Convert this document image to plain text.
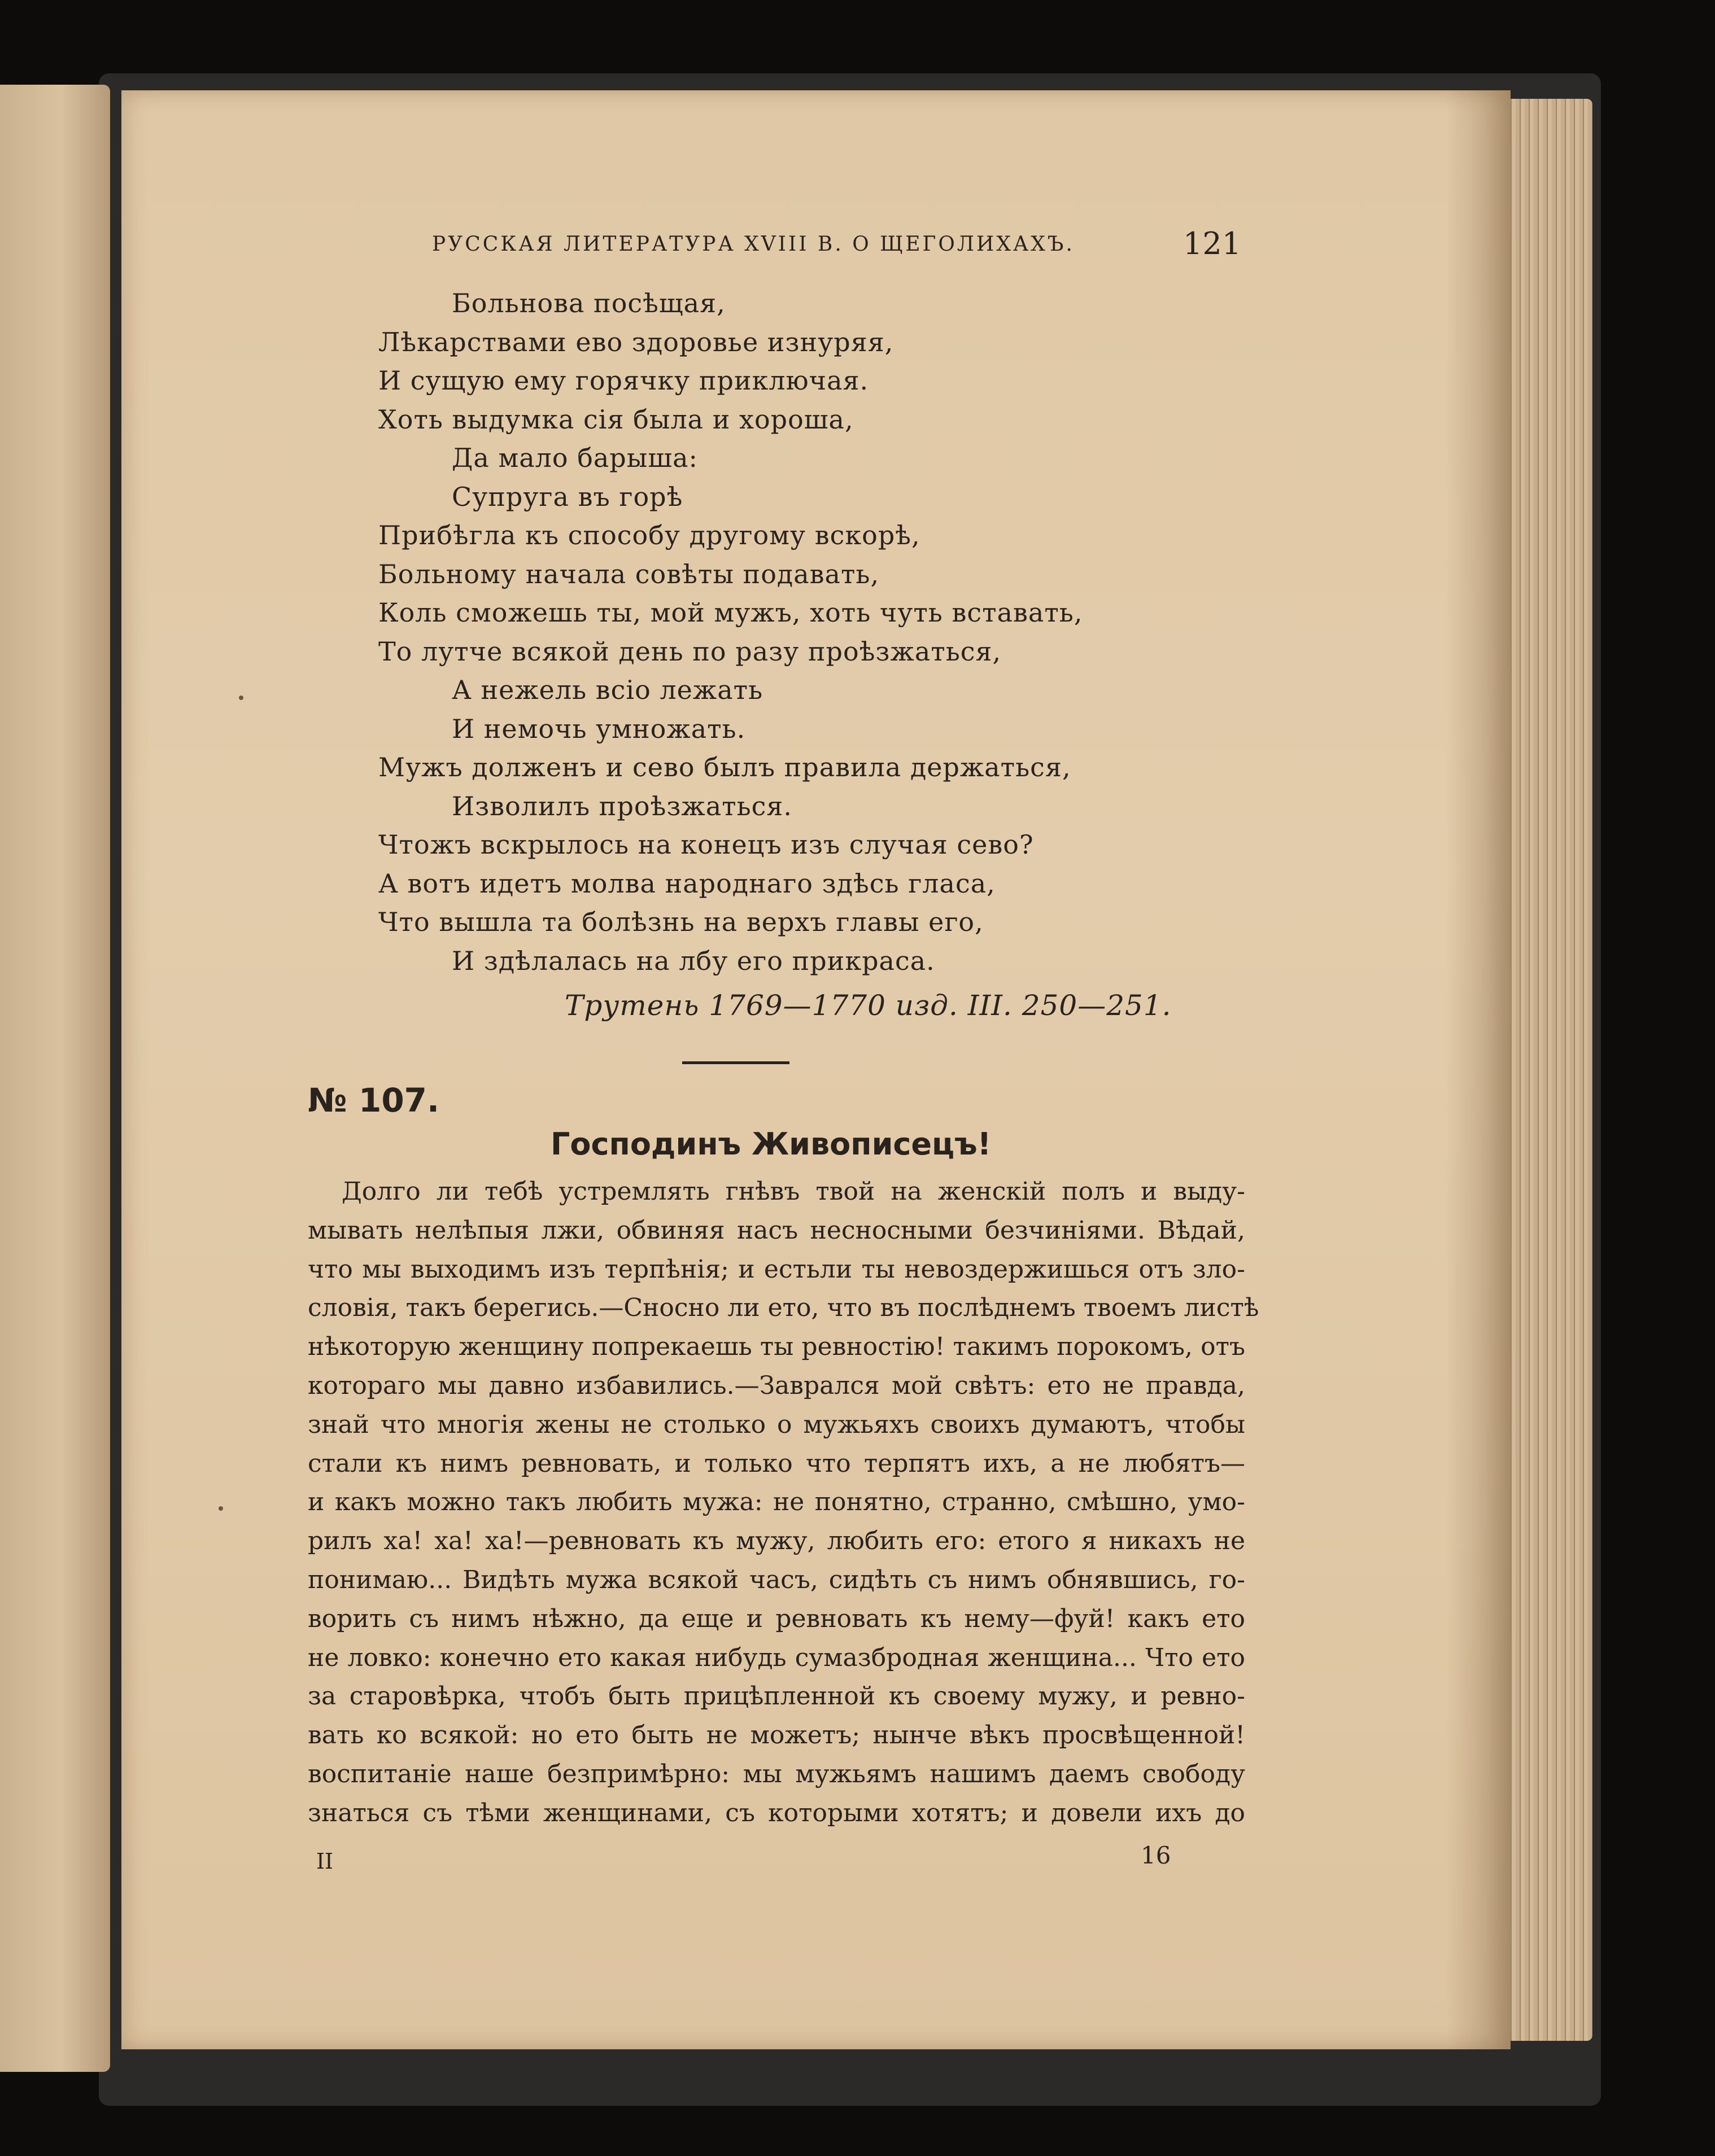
РУССКАЯ ЛИТЕРАТУРА XVIII В. О ЩЕГОЛИХАХЪ.	121
Больнова посѣщая,
Лѣкарствами ево здоровье изнуряя,
И сущую ему горячку приключая.
Хоть выдумка сія была и хороша,
Да мало барыша:
Супруга въ горѣ
Прибѣгла къ способу другому вскорѣ,
Больному начала совѣты подавать,
Коль сможешь ты, мой мужъ, хоть чуть вставать,
То лутче всякой день по разу проѣзжаться,
А нежель всіо лежать
И немочь умножать.
Мужъ долженъ и сево былъ правила держаться,
Изволилъ проѣзжаться.
Чтожъ вскрылось на конецъ изъ случая сево?
А вотъ идетъ молва народнаго здѣсь гласа,
Что вышла та болѣзнь на верхъ главы его,
И здѣлалась на лбу его прикраса.
Трутень 1769—1770 изд. III. 250—251.
№ 107.
Господинъ Живописецъ!
Долго ли тебѣ устремлять гнѣвъ твой на женскій полъ и выду-
мывать нелѣпыя лжи, обвиняя насъ несносными безчиніями. Вѣдай,
что мы выходимъ изъ терпѣнія; и естьли ты невоздержишься отъ зло-
словія, такъ берегись.—Сносно ли ето, что въ послѣднемъ твоемъ листѣ
нѣкоторую женщину попрекаешь ты ревностію! такимъ порокомъ, отъ
котораго мы давно избавились.—Заврался мой свѣтъ: ето не правда,
знай что многія жены не столько о мужьяхъ своихъ думаютъ, чтобы
стали къ нимъ ревновать, и только что терпятъ ихъ, а не любятъ—
и какъ можно такъ любить мужа: не понятно, странно, смѣшно, умо-
рилъ ха! ха! ха!—ревновать къ мужу, любить его: етого я никахъ не
понимаю... Видѣть мужа всякой часъ, сидѣть съ нимъ обнявшись, го-
ворить съ нимъ нѣжно, да еще и ревновать къ нему—фуй! какъ ето
не ловко: конечно ето какая нибудь сумазбродная женщина... Что ето
за старовѣрка, чтобъ быть прицѣпленной къ своему мужу, и ревно-
вать ко всякой: но ето быть не можетъ; нынче вѣкъ просвѣщенной!
воспитаніе наше безпримѣрно: мы мужьямъ нашимъ даемъ свободу
знаться съ тѣми женщинами, съ которыми хотятъ; и довели ихъ до
II	16
